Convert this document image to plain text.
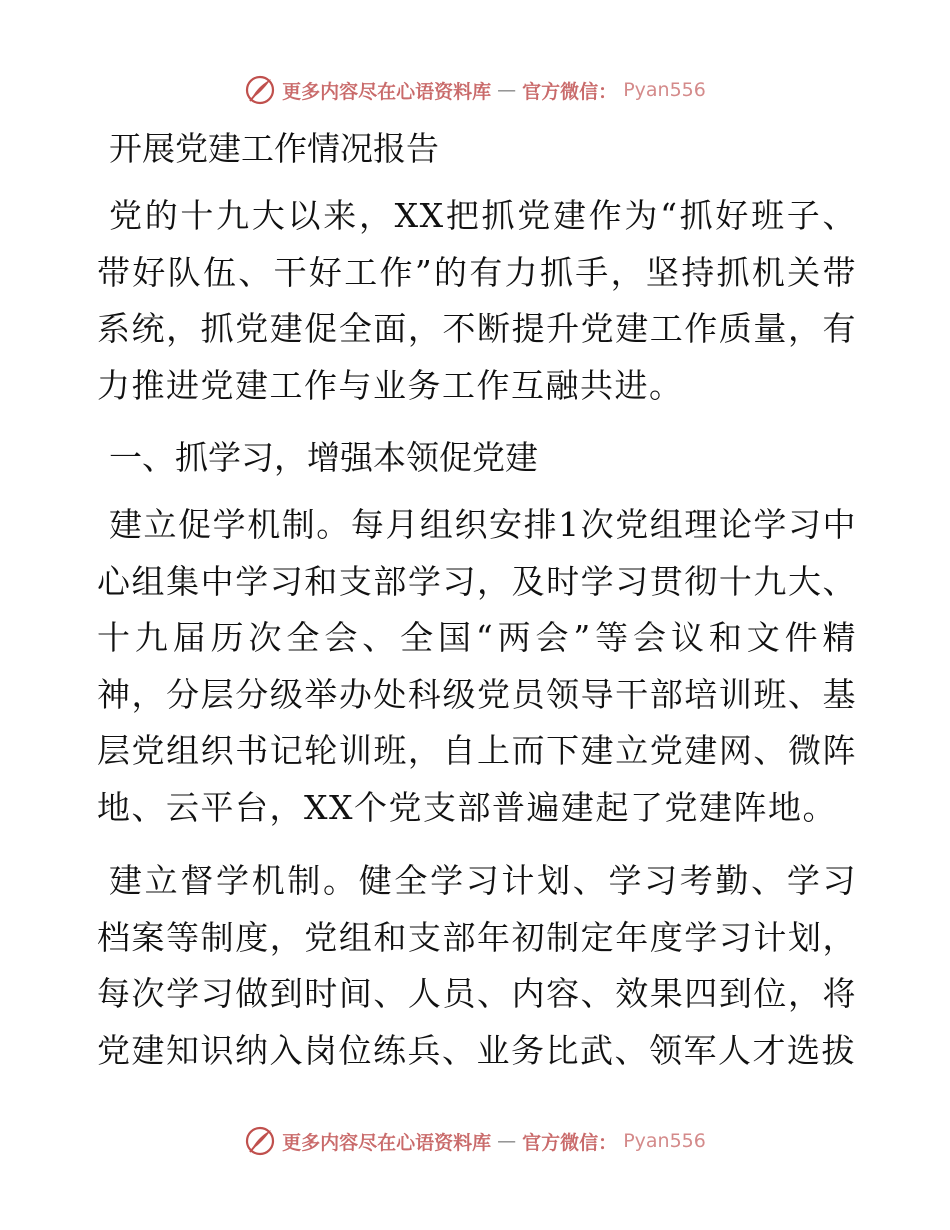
更多内容尽在心语资料库 — 官方微信： Pyan556
开展党建工作情况报告

党的十九大以来，XX把抓党建作为“抓好班子、带好队伍、干好工作”的有力抓手，坚持抓机关带系统，抓党建促全面，不断提升党建工作质量，有力推进党建工作与业务工作互融共进。

一、抓学习，增强本领促党建

建立促学机制。每月组织安排1次党组理论学习中心组集中学习和支部学习，及时学习贯彻十九大、十九届历次全会、全国“两会”等会议和文件精神，分层分级举办处科级党员领导干部培训班、基层党组织书记轮训班，自上而下建立党建网、微阵地、云平台，XX个党支部普遍建起了党建阵地。

建立督学机制。健全学习计划、学习考勤、学习档案等制度，党组和支部年初制定年度学习计划，每次学习做到时间、人员、内容、效果四到位，将党建知识纳入岗位练兵、业务比武、领军人才选拔

更多内容尽在心语资料库 — 官方微信： Pyan556
